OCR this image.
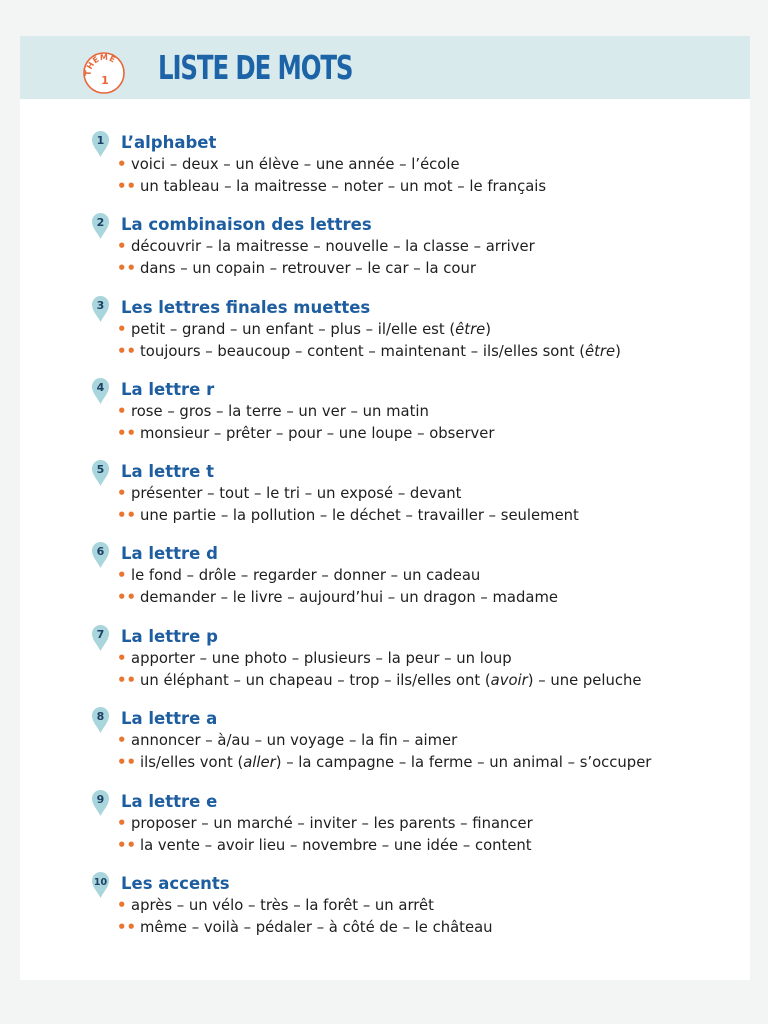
THÈME
1 LISTE DE MOTS
1 L’alphabet
• voici – deux – un élève – une année – l’école
•• un tableau – la maitresse – noter – un mot – le français
2 La combinaison des lettres
• découvrir – la maitresse – nouvelle – la classe – arriver
•• dans – un copain – retrouver – le car – la cour
3 Les lettres finales muettes
• petit – grand – un enfant – plus – il/elle est (être)
•• toujours – beaucoup – content – maintenant – ils/elles sont (être)
4 La lettre r
• rose – gros – la terre – un ver – un matin
•• monsieur – prêter – pour – une loupe – observer
5 La lettre t
• présenter – tout – le tri – un exposé – devant
•• une partie – la pollution – le déchet – travailler – seulement
6 La lettre d
• le fond – drôle – regarder – donner – un cadeau
•• demander – le livre – aujourd’hui – un dragon – madame
7 La lettre p
• apporter – une photo – plusieurs – la peur – un loup
•• un éléphant – un chapeau – trop – ils/elles ont (avoir) – une peluche
8 La lettre a
• annoncer – à/au – un voyage – la fin – aimer
•• ils/elles vont (aller) – la campagne – la ferme – un animal – s’occuper
9 La lettre e
• proposer – un marché – inviter – les parents – financer
•• la vente – avoir lieu – novembre – une idée – content
10 Les accents
• après – un vélo – très – la forêt – un arrêt
•• même – voilà – pédaler – à côté de – le château
